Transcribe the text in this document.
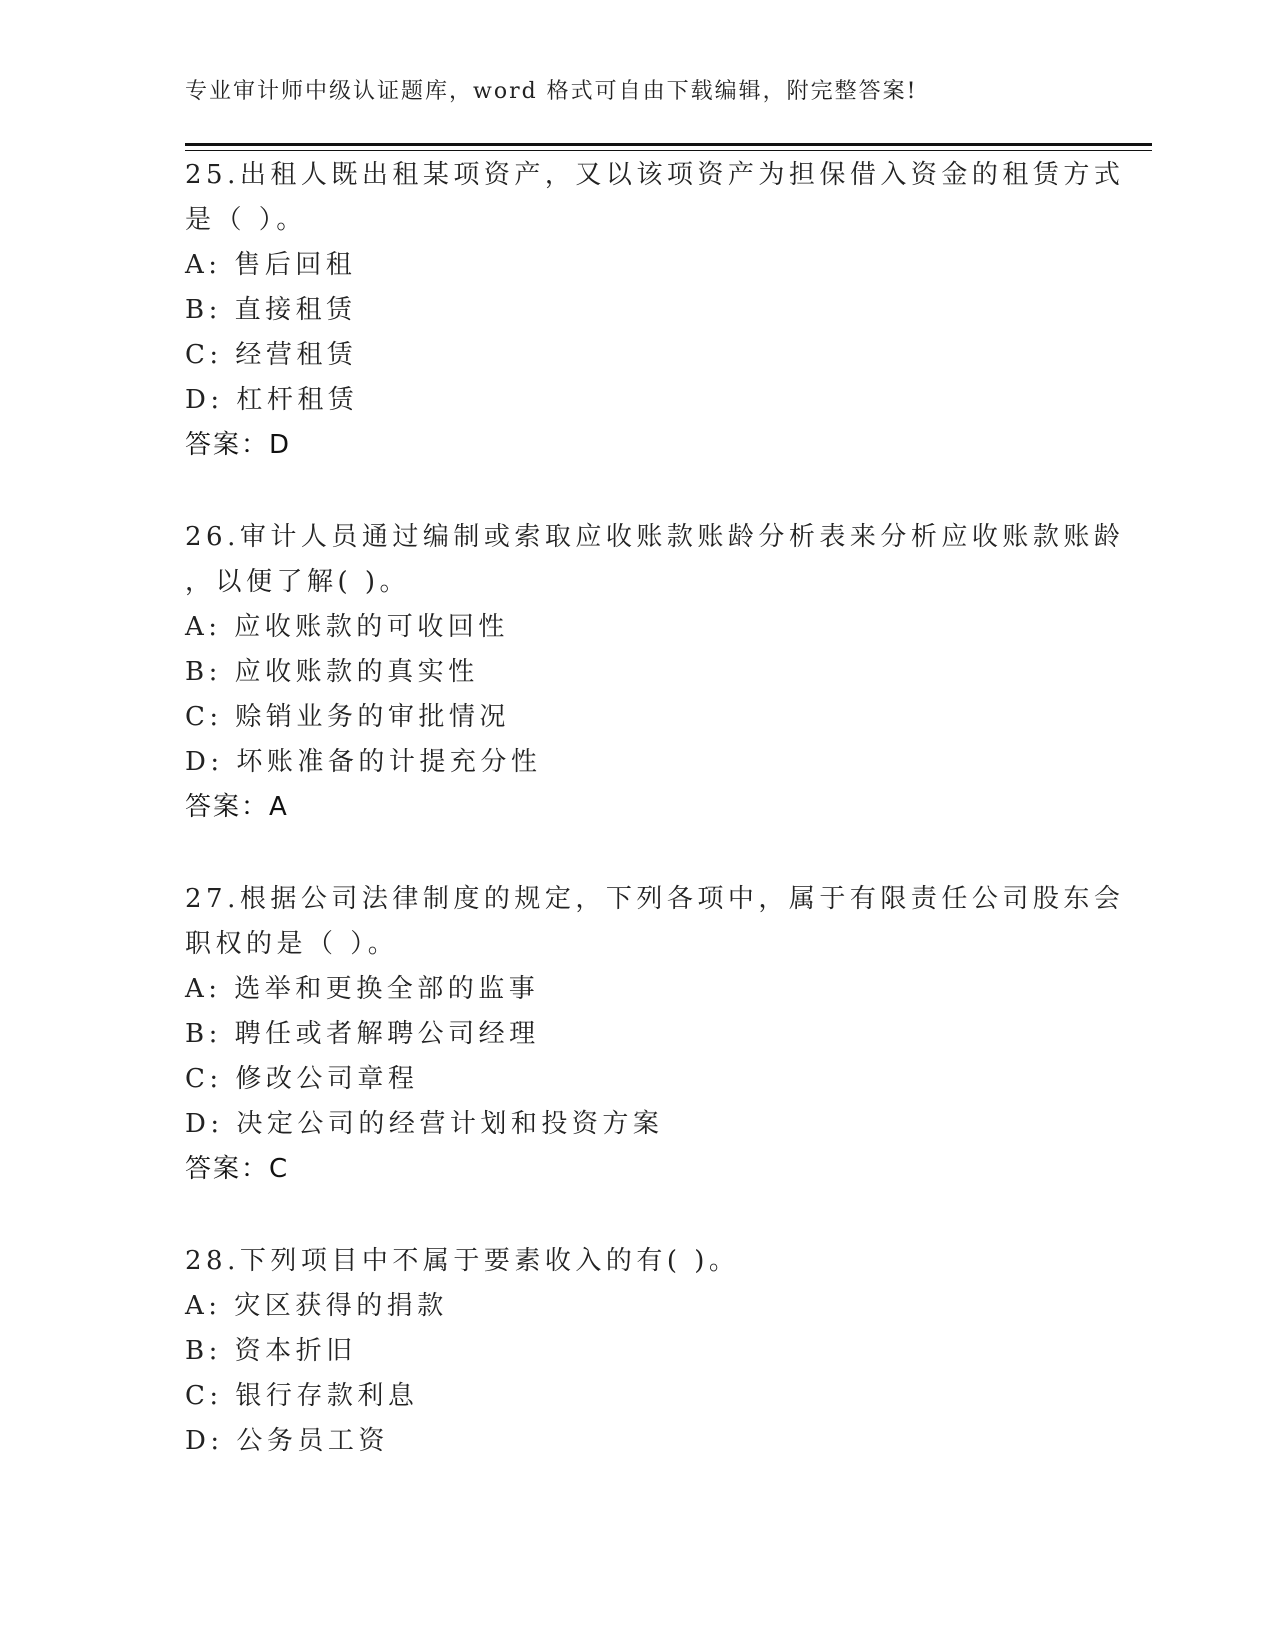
专业审计师中级认证题库，word 格式可自由下载编辑，附完整答案!
25.出租人既出租某项资产，又以该项资产为担保借入资金的租赁方式
是（ ）。
A: 售后回租
B: 直接租赁
C: 经营租赁
D: 杠杆租赁
答案：D
26.审计人员通过编制或索取应收账款账龄分析表来分析应收账款账龄
，以便了解( )。
A: 应收账款的可收回性
B: 应收账款的真实性
C: 赊销业务的审批情况
D: 坏账准备的计提充分性
答案：A
27.根据公司法律制度的规定，下列各项中，属于有限责任公司股东会
职权的是（ ）。
A: 选举和更换全部的监事
B: 聘任或者解聘公司经理
C: 修改公司章程
D: 决定公司的经营计划和投资方案
答案：C
28.下列项目中不属于要素收入的有( )。
A: 灾区获得的捐款
B: 资本折旧
C: 银行存款利息
D: 公务员工资
